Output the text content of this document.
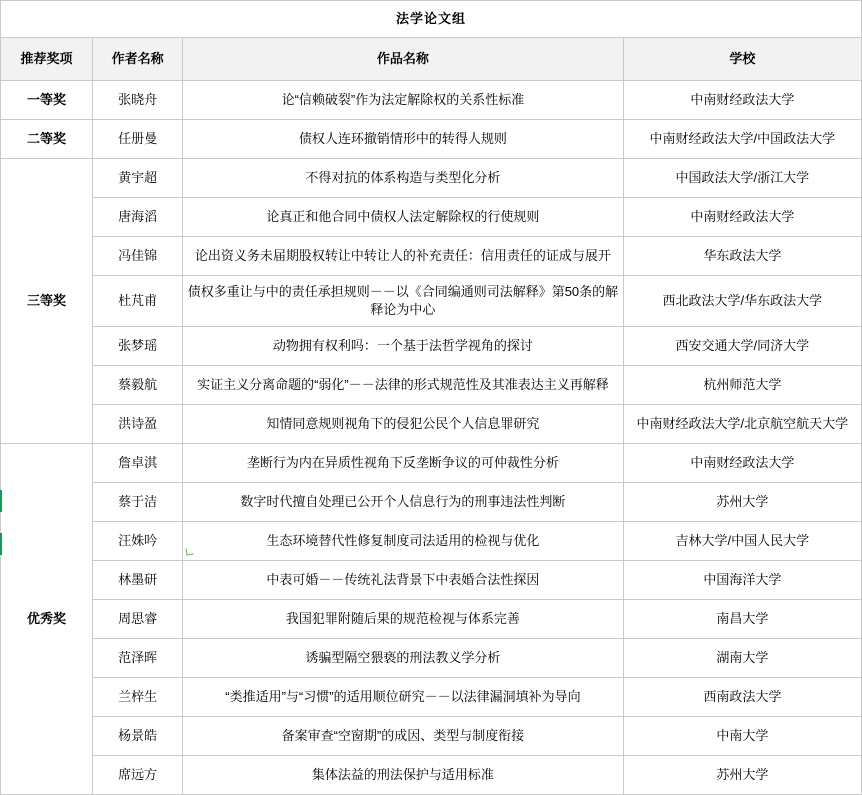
法学论文组			
推荐奖项	作者名称	作品名称	学校
一等奖	张晓舟	论“信赖破裂”作为法定解除权的关系性标准	中南财经政法大学
二等奖	任册曼	债权人连环撤销情形中的转得人规则	中南财经政法大学/中国政法大学
三等奖	黄宇超	不得对抗的体系构造与类型化分析	中国政法大学/浙江大学
	唐海滔	论真正和他合同中债权人法定解除权的行使规则	中南财经政法大学
	冯佳锦	论出资义务未届期股权转让中转让人的补充责任：信用责任的证成与展开	华东政法大学
	杜芃甫	债权多重让与中的责任承担规则－－以《合同编通则司法解释》第50条的解释论为中心	西北政法大学/华东政法大学
	张梦瑶	动物拥有权利吗：一个基于法哲学视角的探讨	西安交通大学/同济大学
	蔡毅航	实证主义分离命题的“弱化”－－法律的形式规范性及其准表达主义再解释	杭州师范大学
	洪诗盈	知情同意规则视角下的侵犯公民个人信息罪研究	中南财经政法大学/北京航空航天大学
优秀奖	詹卓淇	垄断行为内在异质性视角下反垄断争议的可仲裁性分析	中南财经政法大学
	蔡于洁	数字时代擅自处理已公开个人信息行为的刑事违法性判断	苏州大学
	汪姝吟	生态环境替代性修复制度司法适用的检视与优化	吉林大学/中国人民大学
	林墨研	中表可婚－－传统礼法背景下中表婚合法性探因	中国海洋大学
	周思睿	我国犯罪附随后果的规范检视与体系完善	南昌大学
	范泽晖	诱骗型隔空猥亵的刑法教义学分析	湖南大学
	兰梓生	“类推适用”与“习惯”的适用顺位研究－－以法律漏洞填补为导向	西南政法大学
	杨景皓	备案审查“空窗期”的成因、类型与制度衔接	中南大学
	席远方	集体法益的刑法保护与适用标准	苏州大学
